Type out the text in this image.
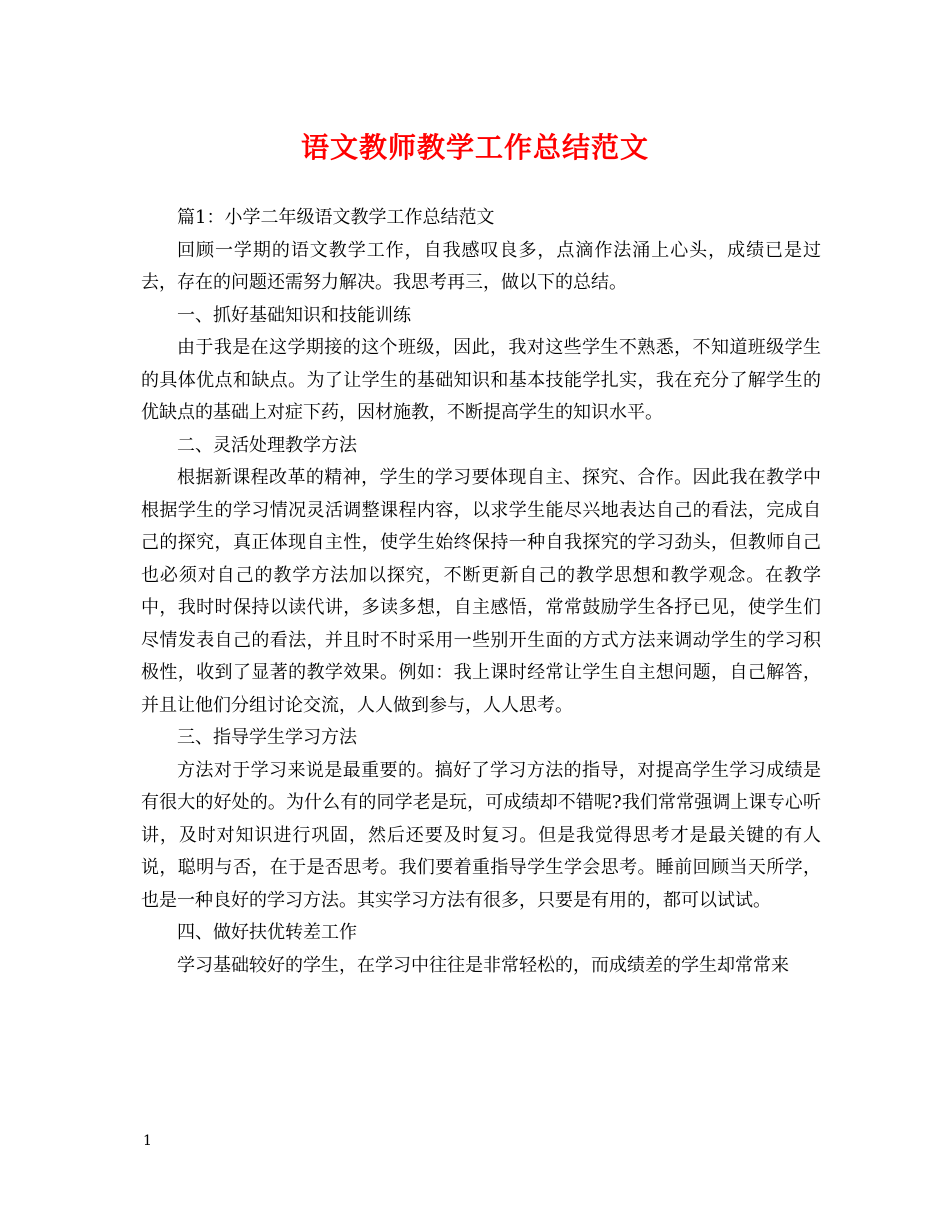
语文教师教学工作总结范文

篇1：小学二年级语文教学工作总结范文

回顾一学期的语文教学工作，自我感叹良多，点滴作法涌上心头，成绩已是过去，存在的问题还需努力解决。我思考再三，做以下的总结。

一、抓好基础知识和技能训练

由于我是在这学期接的这个班级，因此，我对这些学生不熟悉，不知道班级学生的具体优点和缺点。为了让学生的基础知识和基本技能学扎实，我在充分了解学生的优缺点的基础上对症下药，因材施教，不断提高学生的知识水平。

二、灵活处理教学方法

根据新课程改革的精神，学生的学习要体现自主、探究、合作。因此我在教学中根据学生的学习情况灵活调整课程内容，以求学生能尽兴地表达自己的看法，完成自己的探究，真正体现自主性，使学生始终保持一种自我探究的学习劲头，但教师自己也必须对自己的教学方法加以探究，不断更新自己的教学思想和教学观念。在教学中，我时时保持以读代讲，多读多想，自主感悟，常常鼓励学生各抒已见，使学生们尽情发表自己的看法，并且时不时采用一些别开生面的方式方法来调动学生的学习积极性，收到了显著的教学效果。例如：我上课时经常让学生自主想问题，自己解答，并且让他们分组讨论交流，人人做到参与，人人思考。

三、指导学生学习方法

方法对于学习来说是最重要的。搞好了学习方法的指导，对提高学生学习成绩是有很大的好处的。为什么有的同学老是玩，可成绩却不错呢?我们常常强调上课专心听讲，及时对知识进行巩固，然后还要及时复习。但是我觉得思考才是最关键的有人说，聪明与否，在于是否思考。我们要着重指导学生学会思考。睡前回顾当天所学，也是一种良好的学习方法。其实学习方法有很多，只要是有用的，都可以试试。

四、做好扶优转差工作

学习基础较好的学生，在学习中往往是非常轻松的，而成绩差的学生却常常来

1
